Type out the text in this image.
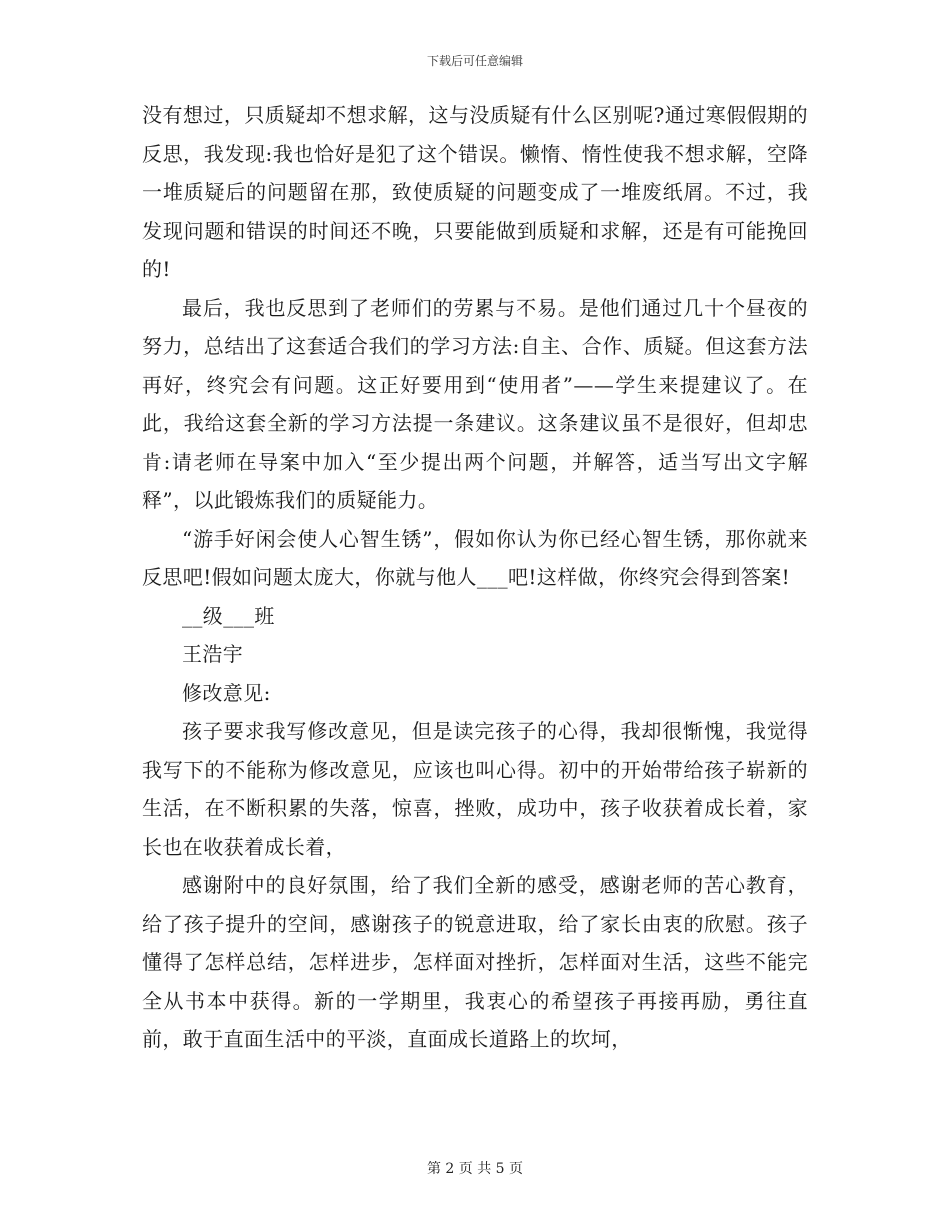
下载后可任意编辑

没有想过，只质疑却不想求解，这与没质疑有什么区别呢?通过寒假假期的反思，我发现:我也恰好是犯了这个错误。懒惰、惰性使我不想求解，空降一堆质疑后的问题留在那，致使质疑的问题变成了一堆废纸屑。不过，我发现问题和错误的时间还不晚，只要能做到质疑和求解，还是有可能挽回的!

最后，我也反思到了老师们的劳累与不易。是他们通过几十个昼夜的努力，总结出了这套适合我们的学习方法:自主、合作、质疑。但这套方法再好，终究会有问题。这正好要用到“使用者”——学生来提建议了。在此，我给这套全新的学习方法提一条建议。这条建议虽不是很好，但却忠肯:请老师在导案中加入“至少提出两个问题，并解答，适当写出文字解释”，以此锻炼我们的质疑能力。

“游手好闲会使人心智生锈”，假如你认为你已经心智生锈，那你就来反思吧!假如问题太庞大，你就与他人___吧!这样做，你终究会得到答案!

__级___班

王浩宇

修改意见:

孩子要求我写修改意见，但是读完孩子的心得，我却很惭愧，我觉得我写下的不能称为修改意见，应该也叫心得。初中的开始带给孩子崭新的生活，在不断积累的失落，惊喜，挫败，成功中，孩子收获着成长着，家长也在收获着成长着，

感谢附中的良好氛围，给了我们全新的感受，感谢老师的苦心教育，给了孩子提升的空间，感谢孩子的锐意进取，给了家长由衷的欣慰。孩子懂得了怎样总结，怎样进步，怎样面对挫折，怎样面对生活，这些不能完全从书本中获得。新的一学期里，我衷心的希望孩子再接再励，勇往直前，敢于直面生活中的平淡，直面成长道路上的坎坷，

第 2 页 共 5 页
